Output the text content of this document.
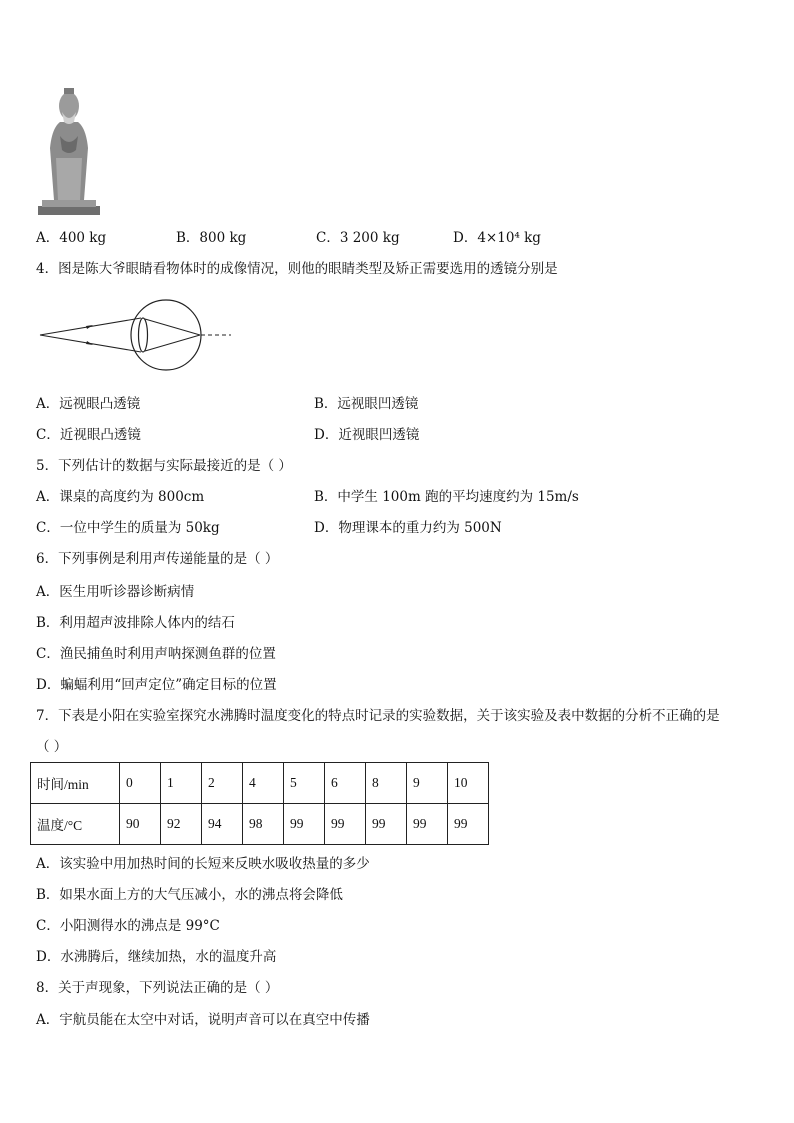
A．400 kg	B．800 kg	C．3 200 kg	D．4×10⁴ kg
4．图是陈大爷眼睛看物体时的成像情况，则他的眼睛类型及矫正需要选用的透镜分别是
A．远视眼凸透镜	B．远视眼凹透镜
C．近视眼凸透镜	D．近视眼凹透镜
5．下列估计的数据与实际最接近的是（ ）
A．课桌的高度约为 800cm	B．中学生 100m 跑的平均速度约为 15m/s
C．一位中学生的质量为 50kg	D．物理课本的重力约为 500N
6．下列事例是利用声传递能量的是（ ）
A．医生用听诊器诊断病情
B．利用超声波排除人体内的结石
C．渔民捕鱼时利用声呐探测鱼群的位置
D．蝙蝠利用“回声定位”确定目标的位置
7．下表是小阳在实验室探究水沸腾时温度变化的特点时记录的实验数据，关于该实验及表中数据的分析不正确的是
（ ）
时间/min	0	1	2	4	5	6	8	9	10
温度/°C	90	92	94	98	99	99	99	99	99
A．该实验中用加热时间的长短来反映水吸收热量的多少
B．如果水面上方的大气压减小，水的沸点将会降低
C．小阳测得水的沸点是 99°C
D．水沸腾后，继续加热，水的温度升高
8．关于声现象，下列说法正确的是（ ）
A．宇航员能在太空中对话，说明声音可以在真空中传播
